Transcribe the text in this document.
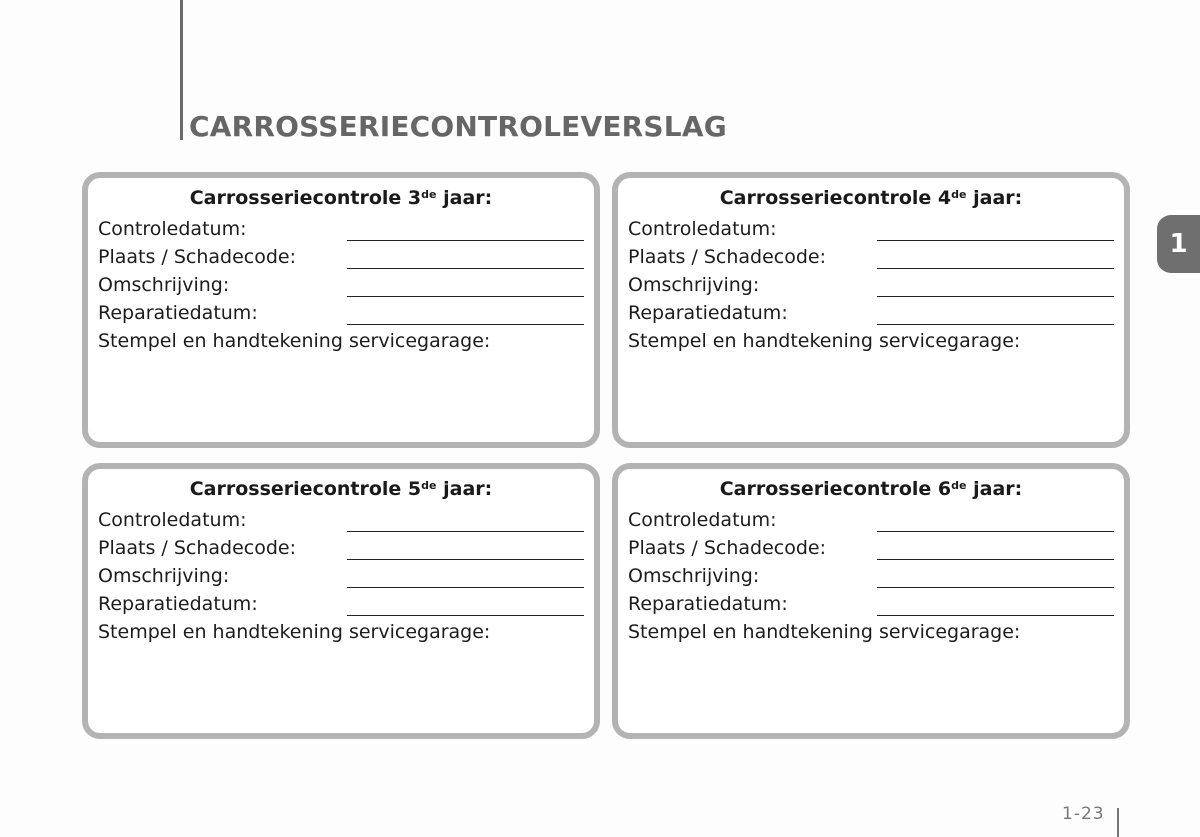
CARROSSERIECONTROLEVERSLAG
1
Carrosseriecontrole 3de jaar:
Controledatum:
Plaats / Schadecode:
Omschrijving:
Reparatiedatum:
Stempel en handtekening servicegarage:
Carrosseriecontrole 4de jaar:
Controledatum:
Plaats / Schadecode:
Omschrijving:
Reparatiedatum:
Stempel en handtekening servicegarage:
Carrosseriecontrole 5de jaar:
Controledatum:
Plaats / Schadecode:
Omschrijving:
Reparatiedatum:
Stempel en handtekening servicegarage:
Carrosseriecontrole 6de jaar:
Controledatum:
Plaats / Schadecode:
Omschrijving:
Reparatiedatum:
Stempel en handtekening servicegarage:
1-23
